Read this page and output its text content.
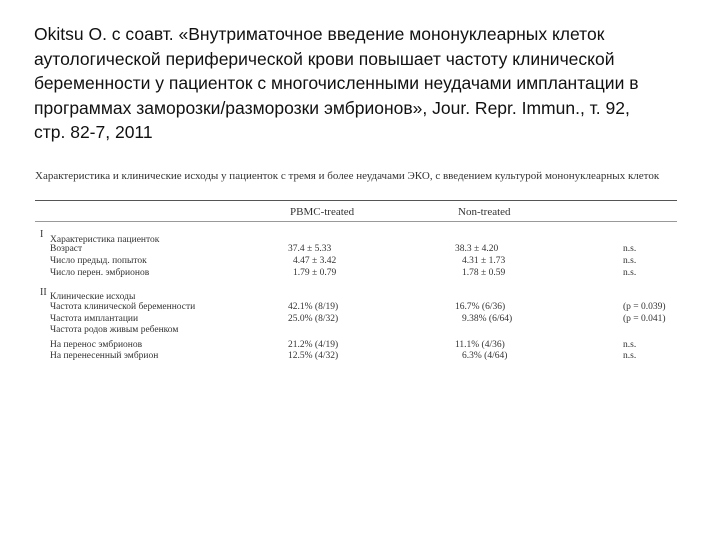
Okitsu O. с соавт. «Внутриматочное введение мононуклеарных клеток
аутологической периферической крови повышает частоту клинической
беременности у пациенток с многочисленными неудачами имплантации в
программах заморозки/разморозки эмбрионов», Jour. Repr. Immun., т. 92,
стр. 82-7, 2011
Характеристика и клинические исходы у пациенток с тремя и более неудачами ЭКО, с введением культурой мононуклеарных клеток
PBMC-treated	Non-treated
I Характеристика пациенток
Возраст	37.4 ± 5.33	38.3 ± 4.20	n.s.
Число предыд. попыток	4.47 ± 3.42	4.31 ± 1.73	n.s.
Число перен. эмбрионов	1.79 ± 0.79	1.78 ± 0.59	n.s.
II Клинические исходы
Частота клинической беременности	42.1% (8/19)	16.7% (6/36)	(p = 0.039)
Частота имплантации	25.0% (8/32)	9.38% (6/64)	(p = 0.041)
Частота родов живым ребенком
На перенос эмбрионов	21.2% (4/19)	11.1% (4/36)	n.s.
На перенесенный эмбрион	12.5% (4/32)	6.3% (4/64)	n.s.
